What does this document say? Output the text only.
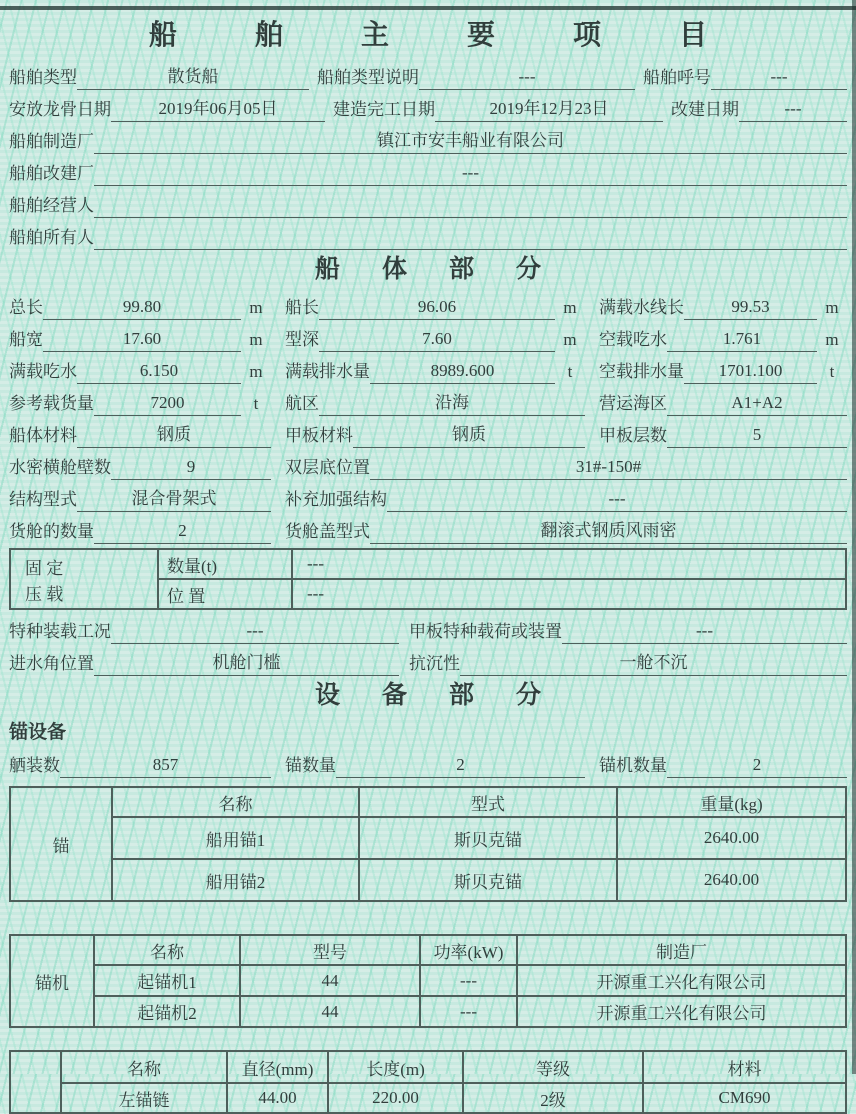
船舶主要项目
船舶类型	散货船	船舶类型说明	---	船舶呼号	---
安放龙骨日期	2019年06月05日	建造完工日期	2019年12月23日	改建日期	---
船舶制造厂	镇江市安丰船业有限公司
船舶改建厂	---
船舶经营人
船舶所有人
船体部分
总长	99.80	m	船长	96.06	m	满载水线长	99.53	m
船宽	17.60	m	型深	7.60	m	空载吃水	1.761	m
满载吃水	6.150	m	满载排水量	8989.600	t	空载排水量	1701.100	t
参考载货量	7200	t	航区	沿海	营运海区	A1+A2
船体材料	钢质	甲板材料	钢质	甲板层数	5
水密横舱壁数	9	双层底位置	31#-150#
结构型式	混合骨架式	补充加强结构	---
货舱的数量	2	货舱盖型式	翻滚式钢质风雨密
固 定
压 载
数量(t)	---
位 置	---
特种装载工况	---	甲板特种载荷或装置	---
进水角位置	机舱门槛	抗沉性	一舱不沉
设备部分
锚设备
舾装数	857	锚数量	2	锚机数量	2
锚	名称	型式	重量(kg)
	船用锚1	斯贝克锚	2640.00
	船用锚2	斯贝克锚	2640.00
锚机	名称	型号	功率(kW)	制造厂
	起锚机1	44	---	开源重工兴化有限公司
	起锚机2	44	---	开源重工兴化有限公司
	名称	直径(mm)	长度(m)	等级	材料
	左锚链	44.00	220.00	2级	CM690
